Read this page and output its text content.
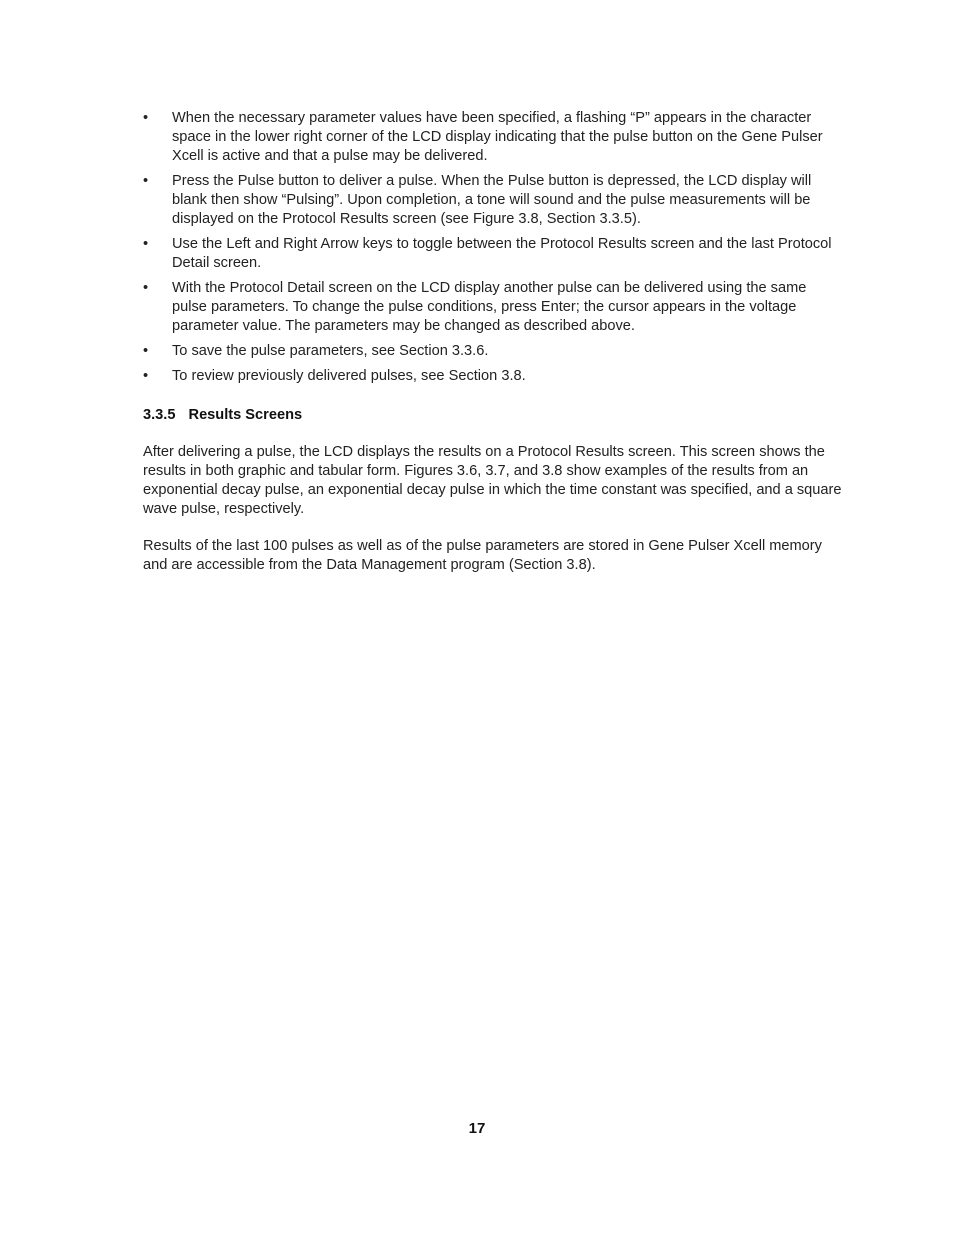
•	When the necessary parameter values have been specified, a flashing “P” appears in the character space in the lower right corner of the LCD display indicating that the pulse button on the Gene Pulser Xcell is active and that a pulse may be delivered.
•	Press the Pulse button to deliver a pulse. When the Pulse button is depressed, the LCD display will blank then show “Pulsing”. Upon completion, a tone will sound and the pulse measurements will be displayed on the Protocol Results screen (see Figure 3.8, Section 3.3.5).
•	Use the Left and Right Arrow keys to toggle between the Protocol Results screen and the last Protocol Detail screen.
•	With the Protocol Detail screen on the LCD display another pulse can be delivered using the same pulse parameters. To change the pulse conditions, press Enter; the cursor appears in the voltage parameter value. The parameters may be changed as described above.
•	To save the pulse parameters, see Section 3.3.6.
•	To review previously delivered pulses, see Section 3.8.
3.3.5 Results Screens

After delivering a pulse, the LCD displays the results on a Protocol Results screen. This screen shows the results in both graphic and tabular form. Figures 3.6, 3.7, and 3.8 show examples of the results from an exponential decay pulse, an exponential decay pulse in which the time constant was specified, and a square wave pulse, respectively.

Results of the last 100 pulses as well as of the pulse parameters are stored in Gene Pulser Xcell memory and are accessible from the Data Management program (Section 3.8).

17
